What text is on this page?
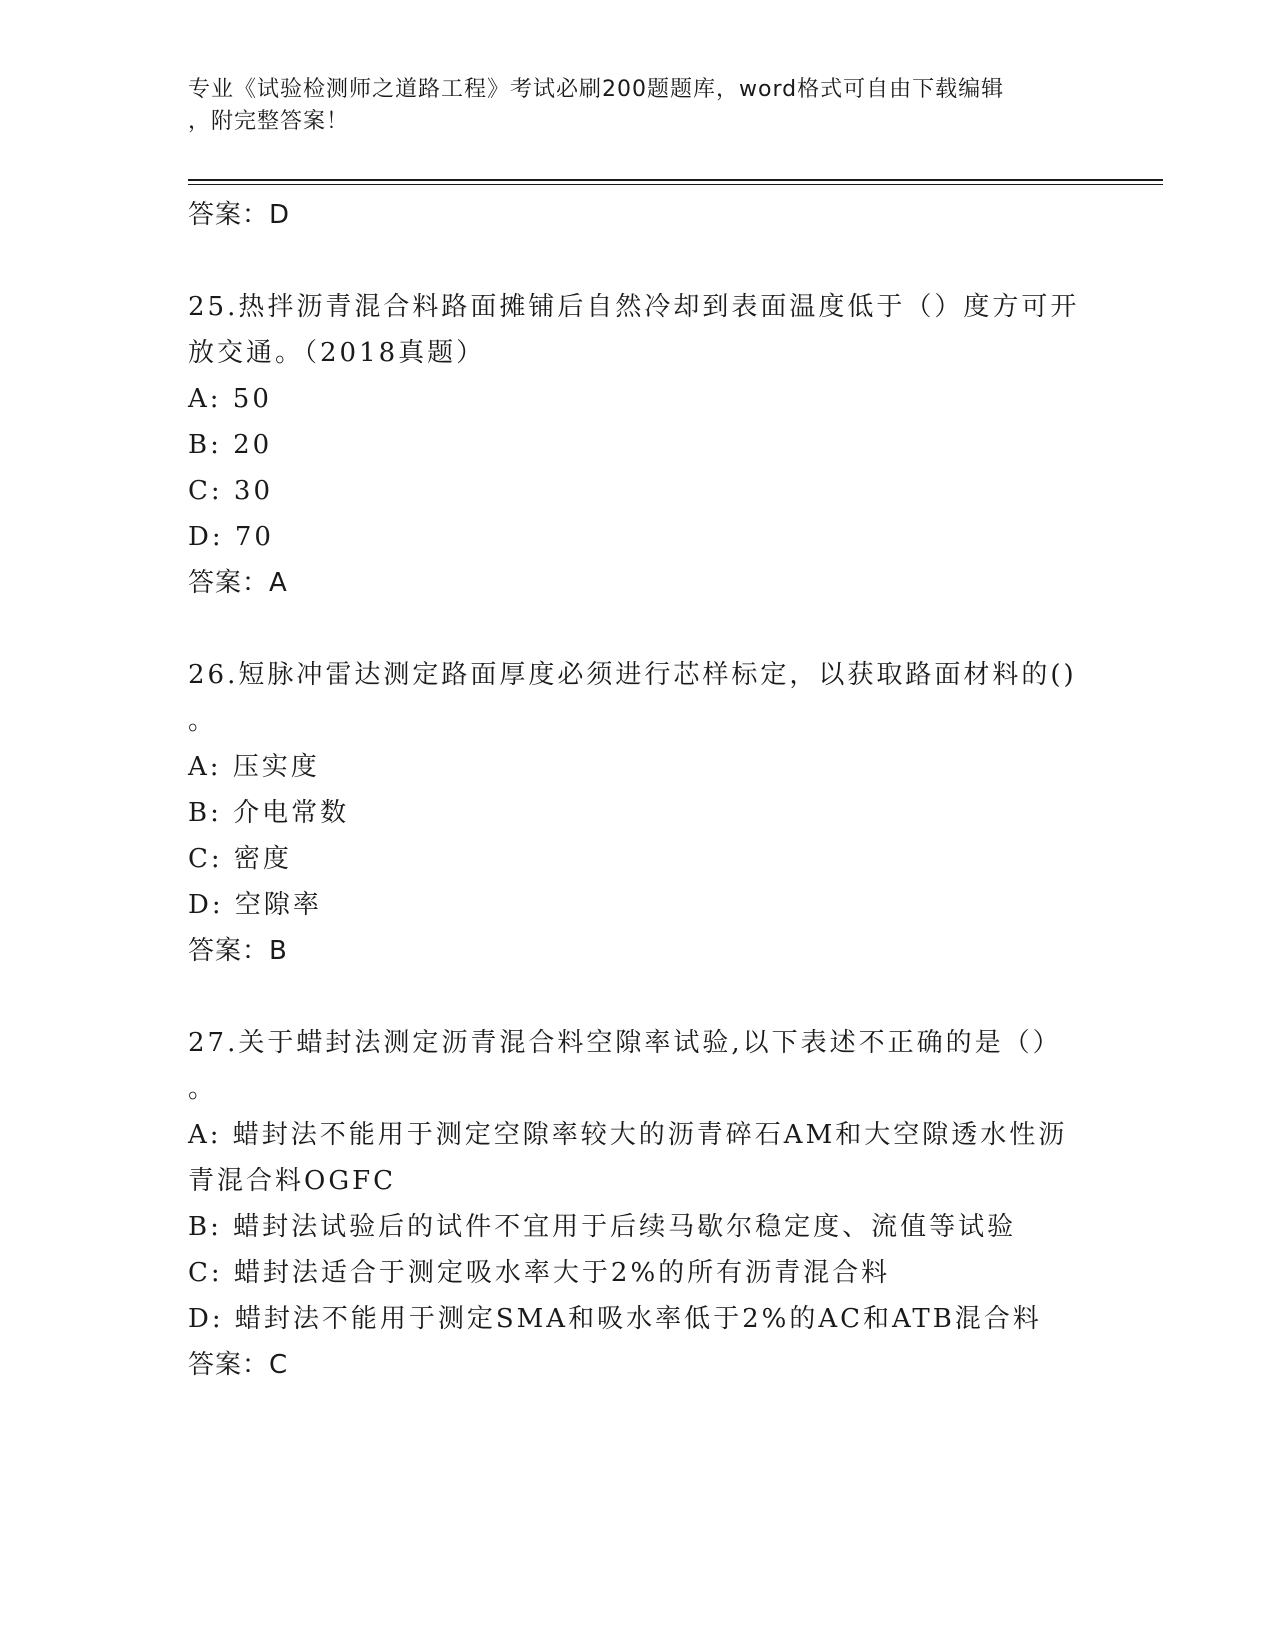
专业《试验检测师之道路工程》考试必刷200题题库，word格式可自由下载编辑
，附完整答案！
答案：D
25.热拌沥青混合料路面摊铺后自然冷却到表面温度低于（）度方可开
放交通。（2018真题）
A: 50
B: 20
C: 30
D: 70
答案：A
26.短脉冲雷达测定路面厚度必须进行芯样标定，以获取路面材料的()
。
A: 压实度
B: 介电常数
C: 密度
D: 空隙率
答案：B
27.关于蜡封法测定沥青混合料空隙率试验,以下表述不正确的是（）
。
A: 蜡封法不能用于测定空隙率较大的沥青碎石AM和大空隙透水性沥
青混合料OGFC
B: 蜡封法试验后的试件不宜用于后续马歇尔稳定度、流值等试验
C: 蜡封法适合于测定吸水率大于2%的所有沥青混合料
D: 蜡封法不能用于测定SMA和吸水率低于2%的AC和ATB混合料
答案：C
